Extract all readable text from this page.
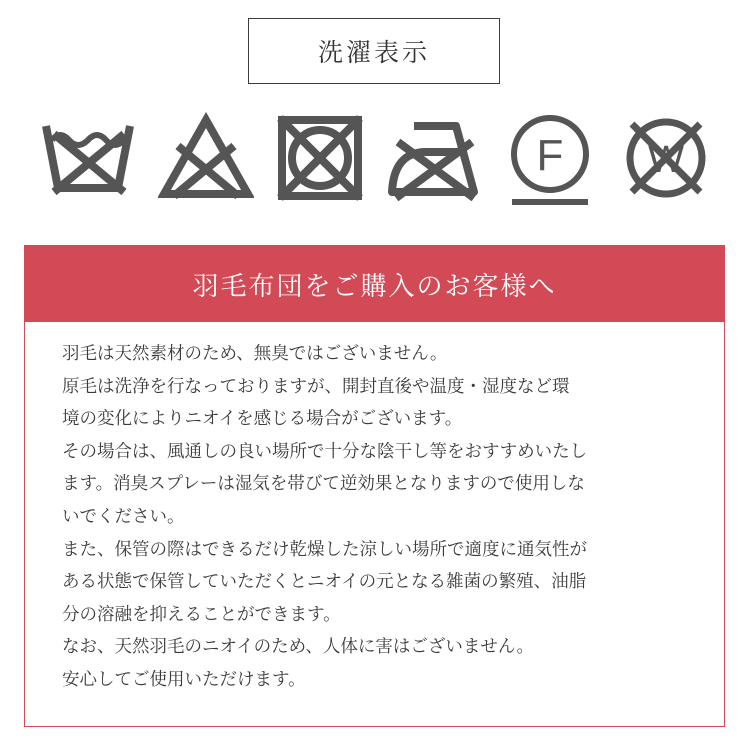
洗濯表示
F W
羽毛布団をご購入のお客様へ

羽毛は天然素材のため、無臭ではございません。

原毛は洗浄を行なっておりますが、開封直後や温度・湿度など環

境の変化によりニオイを感じる場合がございます。

その場合は、風通しの良い場所で十分な陰干し等をおすすめいたし

ます。消臭スプレーは湿気を帯びて逆効果となりますので使用しな

いでください。

また、保管の際はできるだけ乾燥した涼しい場所で適度に通気性が

ある状態で保管していただくとニオイの元となる雑菌の繁殖、油脂

分の溶融を抑えることができます。

なお、天然羽毛のニオイのため、人体に害はございません。

安心してご使用いただけます。
